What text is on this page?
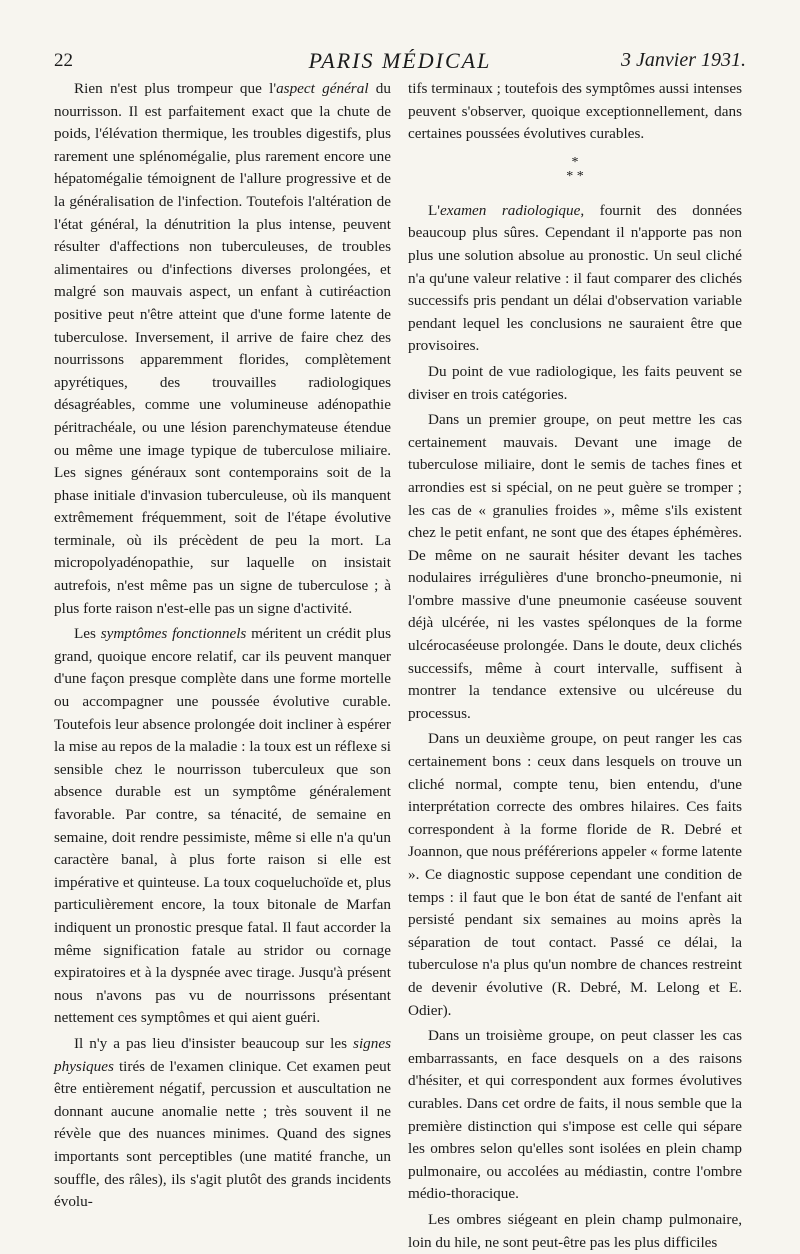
22	PARIS MÉDICAL	3 Janvier 1931.

Rien n'est plus trompeur que l'aspect général du nourrisson. Il est parfaitement exact que la chute de poids, l'élévation thermique, les troubles digestifs, plus rarement une splénomégalie, plus rarement encore une hépatomégalie témoignent de l'allure progressive et de la généralisation de l'infection. Toutefois l'altération de l'état général, la dénutrition la plus intense, peuvent résulter d'affections non tuberculeuses, de troubles alimentaires ou d'infections diverses prolongées, et malgré son mauvais aspect, un enfant à cutiréaction positive peut n'être atteint que d'une forme latente de tuberculose. Inversement, il arrive de faire chez des nourrissons apparemment florides, complètement apyrétiques, des trouvailles radiologiques désagréables, comme une volumineuse adénopathie péritrachéale, ou une lésion parenchymateuse étendue ou même une image typique de tuberculose miliaire. Les signes généraux sont contemporains soit de la phase initiale d'invasion tuberculeuse, où ils manquent extrêmement fréquemment, soit de l'étape évolutive terminale, où ils précèdent de peu la mort. La micropolyadénopathie, sur laquelle on insistait autrefois, n'est même pas un signe de tuberculose ; à plus forte raison n'est-elle pas un signe d'activité.

Les symptômes fonctionnels méritent un crédit plus grand, quoique encore relatif, car ils peuvent manquer d'une façon presque complète dans une forme mortelle ou accompagner une poussée évolutive curable. Toutefois leur absence prolongée doit incliner à espérer la mise au repos de la maladie : la toux est un réflexe si sensible chez le nourrisson tuberculeux que son absence durable est un symptôme généralement favorable. Par contre, sa ténacité, de semaine en semaine, doit rendre pessimiste, même si elle n'a qu'un caractère banal, à plus forte raison si elle est impérative et quinteuse. La toux coqueluchoïde et, plus particulièrement encore, la toux bitonale de Marfan indiquent un pronostic presque fatal. Il faut accorder la même signification fatale au stridor ou cornage expiratoires et à la dyspnée avec tirage. Jusqu'à présent nous n'avons pas vu de nourrissons présentant nettement ces symptômes et qui aient guéri.

Il n'y a pas lieu d'insister beaucoup sur les signes physiques tirés de l'examen clinique. Cet examen peut être entièrement négatif, percussion et auscultation ne donnant aucune anomalie nette ; très souvent il ne révèle que des nuances minimes. Quand des signes importants sont perceptibles (une matité franche, un souffle, des râles), ils s'agit plutôt des grands incidents évolu-

tifs terminaux ; toutefois des symptômes aussi intenses peuvent s'observer, quoique exceptionnellement, dans certaines poussées évolutives curables.

*
* *

L'examen radiologique, fournit des données beaucoup plus sûres. Cependant il n'apporte pas non plus une solution absolue au pronostic. Un seul cliché n'a qu'une valeur relative : il faut comparer des clichés successifs pris pendant un délai d'observation variable pendant lequel les conclusions ne sauraient être que provisoires.

Du point de vue radiologique, les faits peuvent se diviser en trois catégories.

Dans un premier groupe, on peut mettre les cas certainement mauvais. Devant une image de tuberculose miliaire, dont le semis de taches fines et arrondies est si spécial, on ne peut guère se tromper ; les cas de « granulies froides », même s'ils existent chez le petit enfant, ne sont que des étapes éphémères. De même on ne saurait hésiter devant les taches nodulaires irrégulières d'une broncho-pneumonie, ni l'ombre massive d'une pneumonie caséeuse souvent déjà ulcérée, ni les vastes spélonques de la forme ulcérocaséeuse prolongée. Dans le doute, deux clichés successifs, même à court intervalle, suffisent à montrer la tendance extensive ou ulcéreuse du processus.

Dans un deuxième groupe, on peut ranger les cas certainement bons : ceux dans lesquels on trouve un cliché normal, compte tenu, bien entendu, d'une interprétation correcte des ombres hilaires. Ces faits correspondent à la forme floride de R. Debré et Joannon, que nous préférerions appeler « forme latente ». Ce diagnostic suppose cependant une condition de temps : il faut que le bon état de santé de l'enfant ait persisté pendant six semaines au moins après la séparation de tout contact. Passé ce délai, la tuberculose n'a plus qu'un nombre de chances restreint de devenir évolutive (R. Debré, M. Lelong et E. Odier).

Dans un troisième groupe, on peut classer les cas embarrassants, en face desquels on a des raisons d'hésiter, et qui correspondent aux formes évolutives curables. Dans cet ordre de faits, il nous semble que la première distinction qui s'impose est celle qui sépare les ombres selon qu'elles sont isolées en plein champ pulmonaire, ou accolées au médiastin, contre l'ombre médio-thoracique.

Les ombres siégeant en plein champ pulmonaire, loin du hile, ne sont peut-être pas les plus difficiles
